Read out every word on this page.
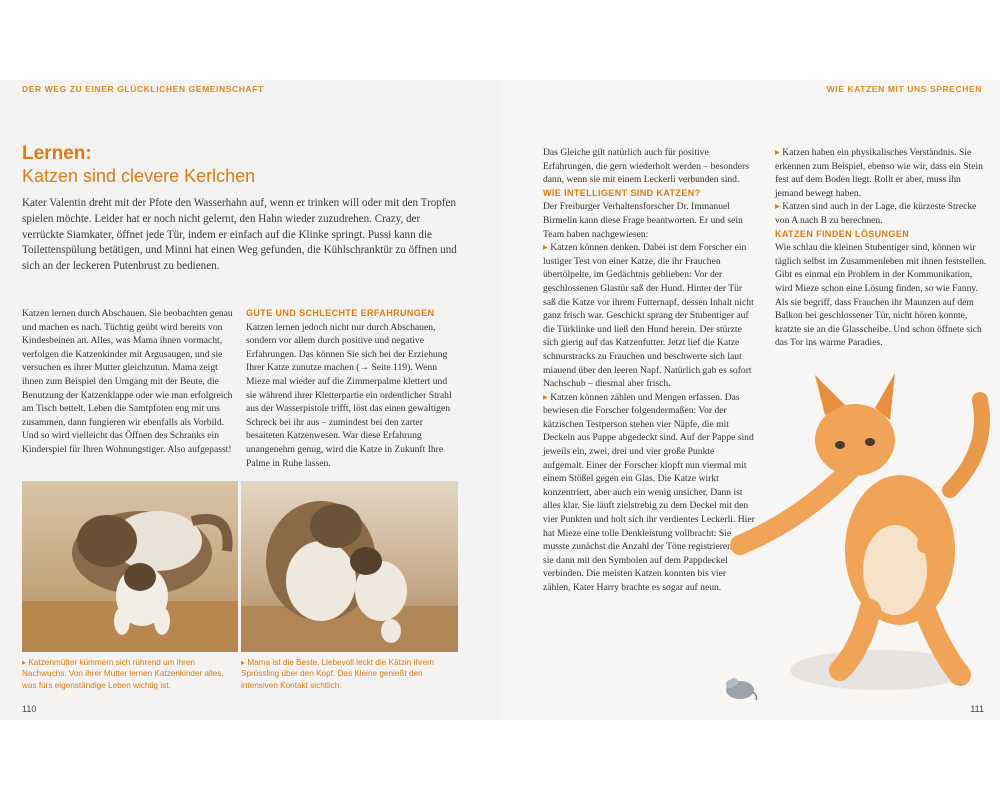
DER WEG ZU EINER GLÜCKLICHEN GEMEINSCHAFT	WIE KATZEN MIT UNS SPRECHEN
Lernen:
Katzen sind clevere Kerlchen
Kater Valentin dreht mit der Pfote den Wasserhahn auf, wenn er trinken will oder mit den Tropfen spielen möchte. Leider hat er noch nicht gelernt, den Hahn wieder zuzudrehen. Crazy, der verrückte Siamkater, öffnet jede Tür, indem er einfach auf die Klinke springt. Pussi kann die Toilettenspülung betätigen, und Minni hat einen Weg gefunden, die Kühlschranktür zu öffnen und sich an der leckeren Putenbrust zu bedienen.

Katzen lernen durch Abschauen. Sie beobachten genau und machen es nach. Tüchtig geübt wird bereits von Kindesbeinen an. Alles, was Mama ihnen vormacht, verfolgen die Katzenkinder mit Argusaugen, und sie versuchen es ihrer Mutter gleichzutun. Mama zeigt ihnen zum Beispiel den Umgang mit der Beute, die Benutzung der Katzenklappe oder wie man erfolgreich am Tisch bettelt. Leben die Samtpfoten eng mit uns zusammen, dann fungieren wir ebenfalls als Vorbild. Und so wird vielleicht das Öffnen des Schranks ein Kinderspiel für Ihren Wohnungstiger. Also aufgepasst!

GUTE UND SCHLECHTE ERFAHRUNGEN

Katzen lernen jedoch nicht nur durch Abschauen, sondern vor allem durch positive und negative Erfahrungen. Das können Sie sich bei der Erziehung Ihrer Katze zunutze machen (→ Seite 119). Wenn Mieze mal wieder auf die Zimmerpalme klettert und sie während ihrer Kletterpartie ein ordentlicher Strahl aus der Wasserpistole trifft, löst das einen gewaltigen Schreck bei ihr aus – zumindest bei den zarter besaiteten Katzenwesen. War diese Erfahrung unangenehm genug, wird die Katze in Zukunft Ihre Palme in Ruhe lassen.

Das Gleiche gilt natürlich auch für positive Erfahrungen, die gern wiederholt werden – besonders dann, wenn sie mit einem Leckerli verbunden sind.

WIE INTELLIGENT SIND KATZEN?

Der Freiburger Verhaltensforscher Dr. Immanuel Birmelin kann diese Frage beantworten. Er und sein Team haben nachgewiesen:

▸ Katzen können denken. Dabei ist dem Forscher ein lustiger Test von einer Katze, die ihr Frauchen übertölpelte, im Gedächtnis geblieben: Vor der geschlossenen Glastür saß der Hund. Hinter der Tür saß die Katze vor ihrem Futternapf, dessen Inhalt nicht ganz frisch war. Geschickt sprang der Stubentiger auf die Türklinke und ließ den Hund herein. Der stürzte sich gierig auf das Katzenfutter. Jetzt lief die Katze schnurstracks zu Frauchen und beschwerte sich laut miauend über den leeren Napf. Natürlich gab es sofort Nachschub – diesmal aber frisch.

▸ Katzen können zählen und Mengen erfassen. Das bewiesen die Forscher folgendermaßen: Vor der kätzischen Testperson stehen vier Näpfe, die mit Deckeln aus Pappe abgedeckt sind. Auf der Pappe sind jeweils ein, zwei, drei und vier große Punkte aufgemalt. Einer der Forscher klopft nun viermal mit einem Stößel gegen ein Glas. Die Katze wirkt konzentriert, aber auch ein wenig unsicher. Dann ist alles klar. Sie läuft zielstrebig zu dem Deckel mit den vier Punkten und holt sich ihr verdientes Leckerli. Hier hat Mieze eine tolle Denkleistung vollbracht: Sie musste zunächst die Anzahl der Töne registrieren und sie dann mit den Symbolen auf dem Pappdeckel verbinden. Die meisten Katzen konnten bis vier zählen, Kater Harry brachte es sogar auf neun.

▸ Katzen haben ein physikalisches Verständnis. Sie erkennen zum Beispiel, ebenso wie wir, dass ein Stein fest auf dem Boden liegt. Rollt er aber, muss ihn jemand bewegt haben.

▸ Katzen sind auch in der Lage, die kürzeste Strecke von A nach B zu berechnen.

KATZEN FINDEN LÖSUNGEN

Wie schlau die kleinen Stubentiger sind, können wir täglich selbst im Zusammenleben mit ihnen feststellen. Gibt es einmal ein Problem in der Kommunikation, wird Mieze schon eine Lösung finden, so wie Fanny. Als sie begriff, dass Frauchen ihr Maunzen auf dem Balkon bei geschlossener Tür, nicht hören konnte, kratzte sie an die Glasscheibe. Und schon öffnete sich das Tor ins warme Paradies.

▸ Katzenmütter kümmern sich rührend um ihren Nachwuchs. Von ihrer Mutter lernen Katzenkinder alles, was fürs eigenständige Leben wichtig ist.
▸ Mama ist die Beste. Liebevoll leckt die Kätzin ihrem Sprössling über den Kopf. Das Kleine genießt den intensiven Kontakt sichtlich.
110	111
